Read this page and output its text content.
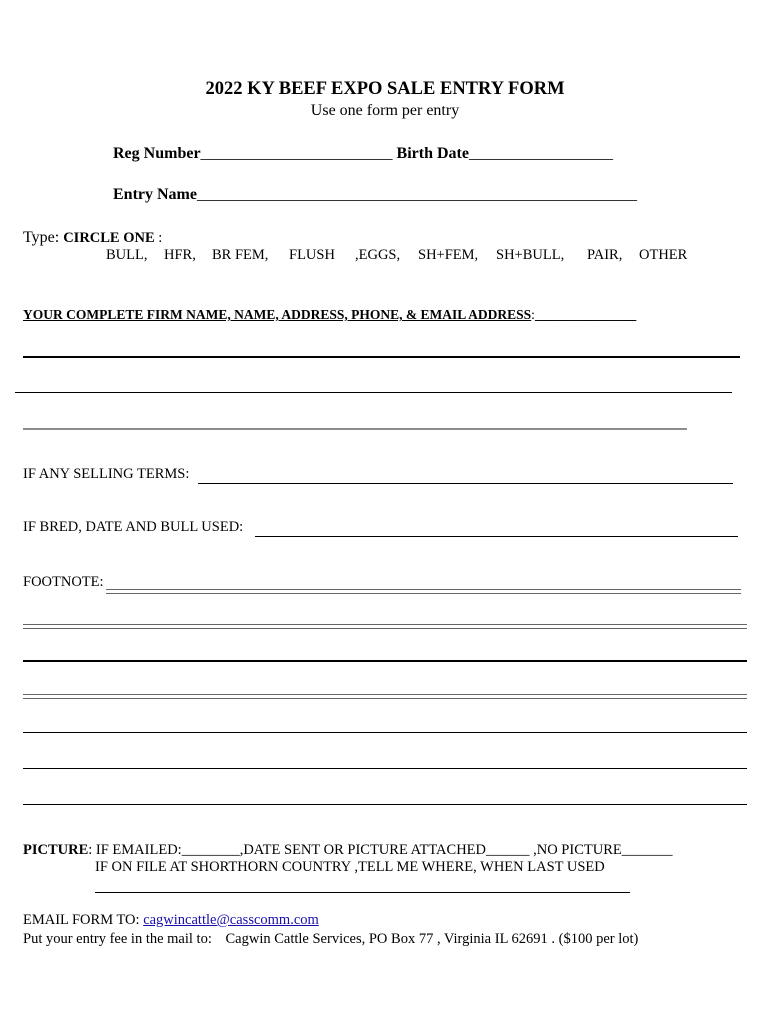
2022 KY BEEF EXPO SALE ENTRY FORM
Use one form per entry
Reg Number________________________ Birth Date__________________
Entry Name_______________________________________________________
Type: CIRCLE ONE :
BULL, HFR, BR FEM, FLUSH ,EGGS, SH+FEM, SH+BULL, PAIR, OTHER
YOUR COMPLETE FIRM NAME, NAME, ADDRESS, PHONE, & EMAIL ADDRESS:_______________
IF ANY SELLING TERMS:
IF BRED, DATE AND BULL USED:
FOOTNOTE:
PICTURE: IF EMAILED:________,DATE SENT OR PICTURE ATTACHED______ ,NO PICTURE_______
IF ON FILE AT SHORTHORN COUNTRY ,TELL ME WHERE, WHEN LAST USED
EMAIL FORM TO: cagwincattle@casscomm.com
Put your entry fee in the mail to: Cagwin Cattle Services, PO Box 77 , Virginia IL 62691 . ($100 per lot)
